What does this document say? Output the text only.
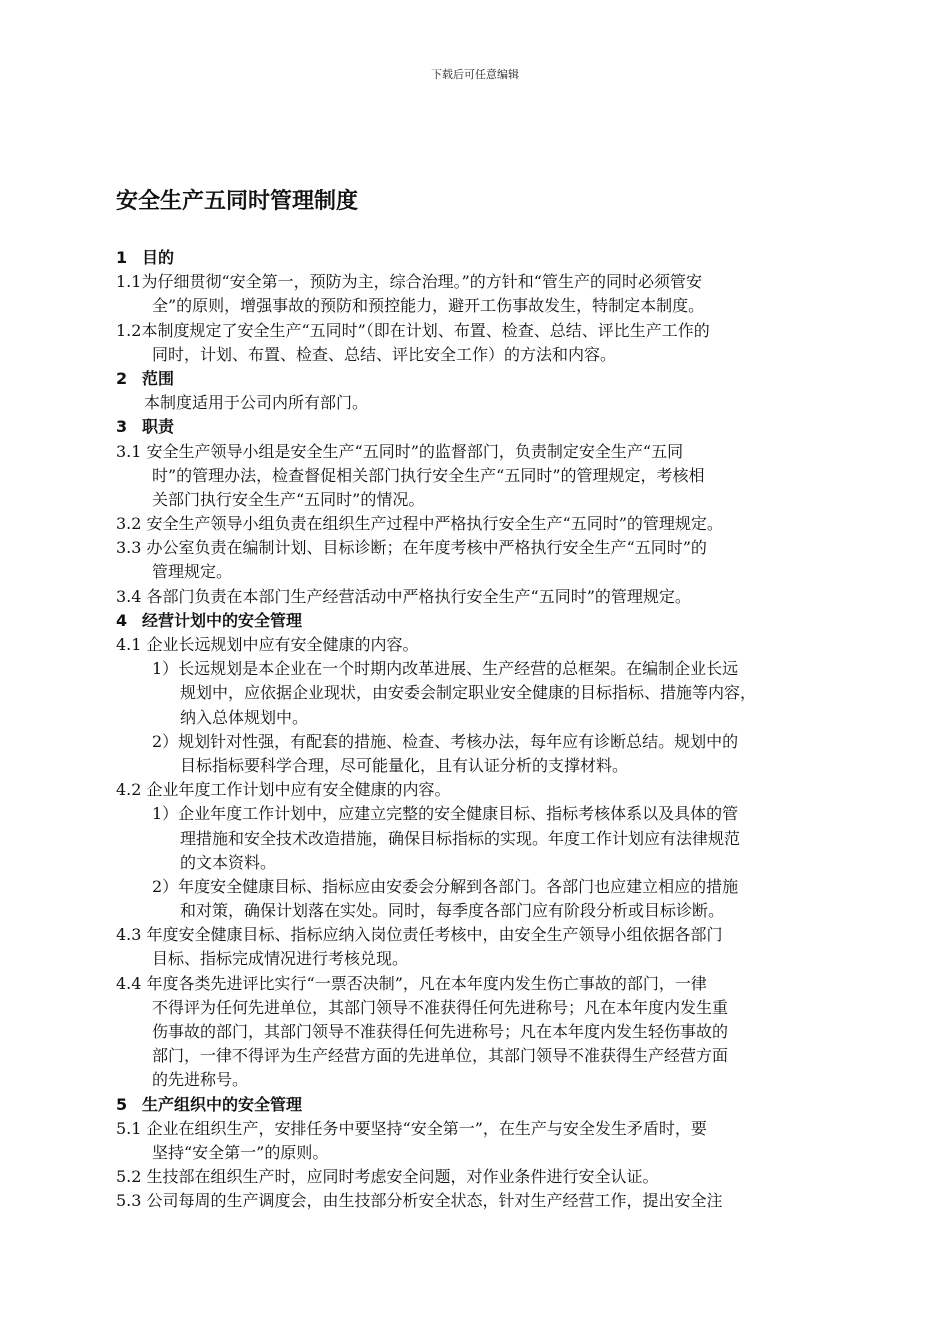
下载后可任意编辑
安全生产五同时管理制度
1 目的
1.1为仔细贯彻“安全第一，预防为主，综合治理。”的方针和“管生产的同时必须管安
全”的原则，增强事故的预防和预控能力，避开工伤事故发生，特制定本制度。
1.2本制度规定了安全生产“五同时”（即在计划、布置、检查、总结、评比生产工作的
同时，计划、布置、检查、总结、评比安全工作）的方法和内容。
2 范围
本制度适用于公司内所有部门。
3 职责
3.1 安全生产领导小组是安全生产“五同时”的监督部门，负责制定安全生产“五同
时”的管理办法，检查督促相关部门执行安全生产“五同时”的管理规定，考核相
关部门执行安全生产“五同时”的情况。
3.2 安全生产领导小组负责在组织生产过程中严格执行安全生产“五同时”的管理规定。
3.3 办公室负责在编制计划、目标诊断；在年度考核中严格执行安全生产“五同时”的
管理规定。
3.4 各部门负责在本部门生产经营活动中严格执行安全生产“五同时”的管理规定。
4 经营计划中的安全管理
4.1 企业长远规划中应有安全健康的内容。
1）长远规划是本企业在一个时期内改革进展、生产经营的总框架。在编制企业长远
规划中，应依据企业现状，由安委会制定职业安全健康的目标指标、措施等内容，
纳入总体规划中。
2）规划针对性强，有配套的措施、检查、考核办法，每年应有诊断总结。规划中的
目标指标要科学合理，尽可能量化，且有认证分析的支撑材料。
4.2 企业年度工作计划中应有安全健康的内容。
1）企业年度工作计划中，应建立完整的安全健康目标、指标考核体系以及具体的管
理措施和安全技术改造措施，确保目标指标的实现。年度工作计划应有法律规范
的文本资料。
2）年度安全健康目标、指标应由安委会分解到各部门。各部门也应建立相应的措施
和对策，确保计划落在实处。同时，每季度各部门应有阶段分析或目标诊断。
4.3 年度安全健康目标、指标应纳入岗位责任考核中，由安全生产领导小组依据各部门
目标、指标完成情况进行考核兑现。
4.4 年度各类先进评比实行“一票否决制”，凡在本年度内发生伤亡事故的部门，一律
不得评为任何先进单位，其部门领导不准获得任何先进称号；凡在本年度内发生重
伤事故的部门，其部门领导不准获得任何先进称号；凡在本年度内发生轻伤事故的
部门，一律不得评为生产经营方面的先进单位，其部门领导不准获得生产经营方面
的先进称号。
5 生产组织中的安全管理
5.1 企业在组织生产，安排任务中要坚持“安全第一”，在生产与安全发生矛盾时，要
坚持“安全第一”的原则。
5.2 生技部在组织生产时，应同时考虑安全问题，对作业条件进行安全认证。
5.3 公司每周的生产调度会，由生技部分析安全状态，针对生产经营工作，提出安全注
